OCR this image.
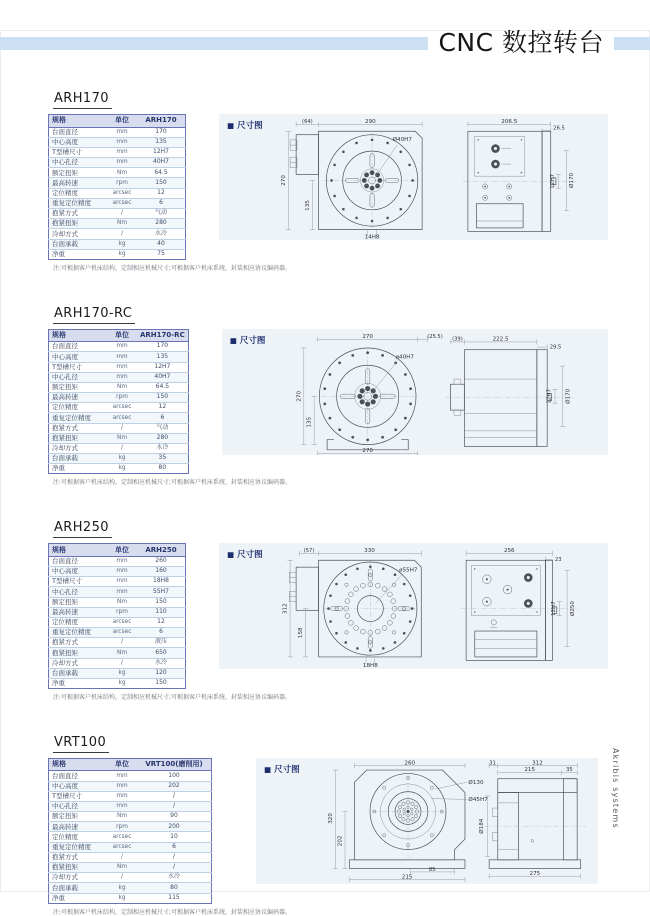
CNC 数控转台
ARH170
规格	单位	ARH170
台面直径	mm	170
中心高度	mm	135
T型槽尺寸	mm	12H7
中心孔径	mm	40H7
额定扭矩	Nm	64.5
最高转速	rpm	150
定位精度	arcsec	12
重复定位精度	arcsec	6
抱紧方式	/	气动
抱紧扭矩	Nm	280
冷却方式	/	水冷
台面承载	kg	40
净重	kg	75
■ 尺寸图	(64)	290
Ø40H7
270
135
14H8
206.5
26.5
12H7 Ø170
注:可根据客户机床结构，定制相应机械尺寸;可根据客户机床系统，封装相应协议编码器。
ARH170-RC
规格	单位	ARH170-RC
台面直径	mm	170
中心高度	mm	135
T型槽尺寸	mm	12H7
中心孔径	mm	40H7
额定扭矩	Nm	64.5
最高转速	rpm	150
定位精度	arcsec	12
重复定位精度	arcsec	6
抱紧方式	/	气动
抱紧扭矩	Nm	280
冷却方式	/	水冷
台面承载	kg	35
净重	kg	80
■ 尺寸图	270	(25.5)
ø40H7
270
135
270
(39)	222.5
29.5
12H7 Ø170
注:可根据客户机床结构，定制相应机械尺寸;可根据客户机床系统，封装相应协议编码器。
ARH250
规格	单位	ARH250
台面直径	mm	260
中心高度	mm	160
T型槽尺寸	mm	18H8
中心孔径	mm	55H7
额定扭矩	Nm	150
最高转速	rpm	110
定位精度	arcsec	12
重复定位精度	arcsec	6
抱紧方式	/	液压
抱紧扭矩	Nm	650
冷却方式	/	水冷
台面承载	kg	120
净重	kg	150
■ 尺寸图	(57)	330
ø55H7
312
158
18H8
256
23
12H7 Ø250
注:可根据客户机床结构，定制相应机械尺寸;可根据客户机床系统，封装相应协议编码器。
VRT100
规格	单位	VRT100(磨削用)
台面直径	mm	100
中心高度	mm	202
T型槽尺寸	mm	/
中心孔径	mm	/
额定扭矩	Nm	90
最高转速	rpm	200
定位精度	arcsec	10
重复定位精度	arcsec	6
抱紧方式	/	/
抱紧扭矩	Nm	/
冷却方式	/	水冷
台面承载	kg	80
净重	kg	115
■ 尺寸图
260
Ø130
Ø45H7
320
202
85
215
31	312
215	35
Ø184
275
注:可根据客户机床结构，定制相应机械尺寸;可根据客户机床系统，封装相应协议编码器。
Akribis systems
